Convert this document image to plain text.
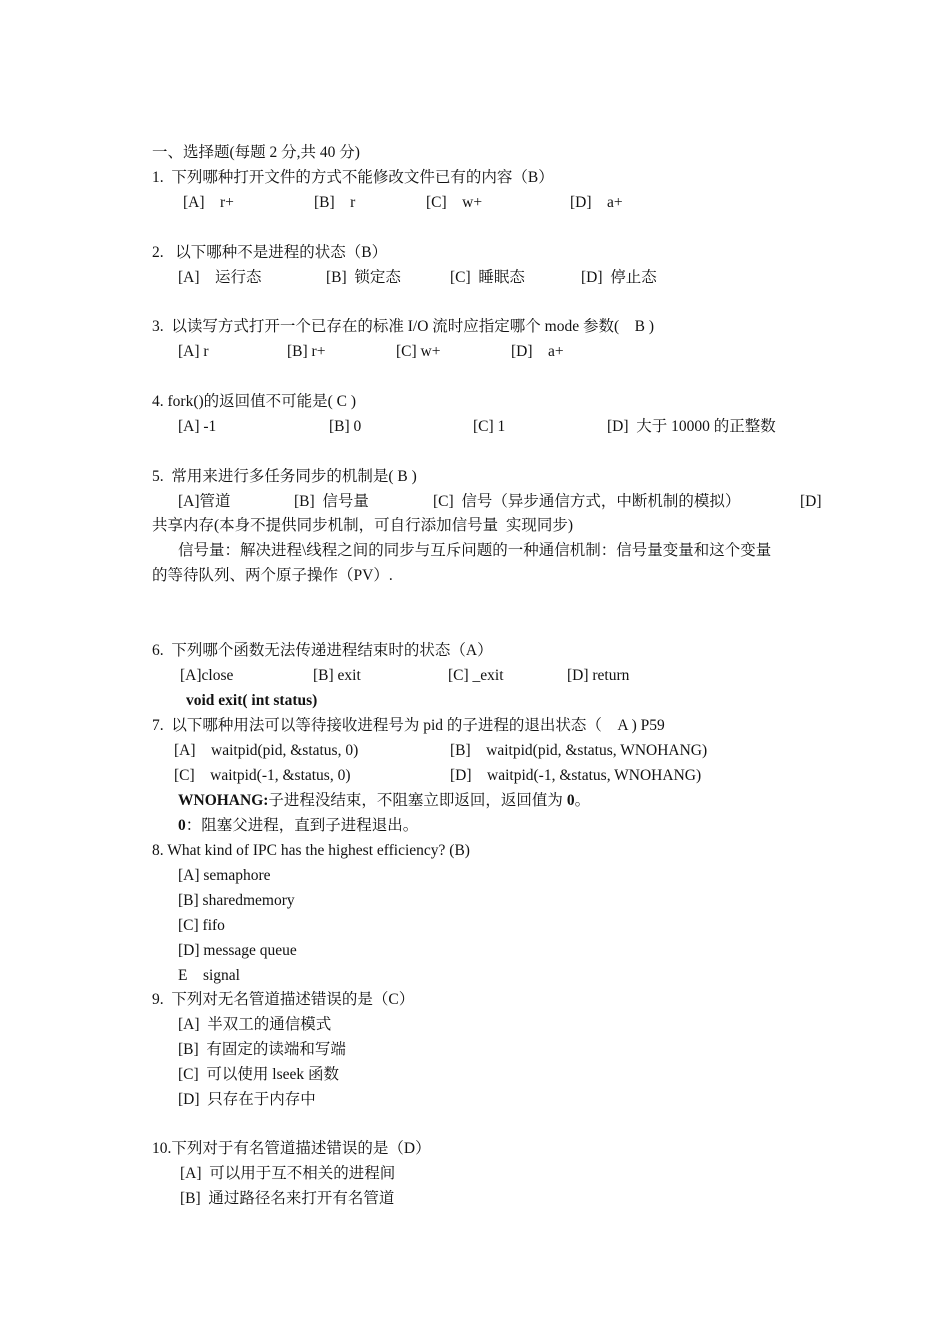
一、选择题(每题 2 分,共 40 分)
1.  下列哪种打开文件的方式不能修改文件已有的内容（B）
[A]    r+	[B]    r	[C]    w+	[D]    a+
2.   以下哪种不是进程的状态（B）
[A]    运行态	[B]  锁定态	[C]  睡眠态	[D]  停止态
3.  以读写方式打开一个已存在的标准 I/O 流时应指定哪个 mode 参数(    B )
[A] r	[B] r+	[C] w+	[D]    a+
4. fork()的返回值不可能是( C )
[A] -1	[B] 0	[C] 1	[D]  大于 10000 的正整数
5.  常用来进行多任务同步的机制是( B )
[A]管道	[B]  信号量	[C]  信号（异步通信方式，中断机制的模拟）	[D]
共享内存(本身不提供同步机制，可自行添加信号量  实现同步)
信号量：解决进程\线程之间的同步与互斥问题的一种通信机制：信号量变量和这个变量
的等待队列、两个原子操作（PV）.
6.  下列哪个函数无法传递进程结束时的状态（A）
[A]close	[B] exit	[C] _exit	[D] return
void exit( int status)
7.  以下哪种用法可以等待接收进程号为 pid 的子进程的退出状态（    A ) P59
[A]    waitpid(pid, &status, 0)	[B]    waitpid(pid, &status, WNOHANG)
[C]    waitpid(-1, &status, 0)	[D]    waitpid(-1, &status, WNOHANG)
WNOHANG:子进程没结束，不阻塞立即返回，返回值为 0。
0：阻塞父进程，直到子进程退出。
8. What kind of IPC has the highest efficiency? (B)
[A] semaphore
[B] sharedmemory
[C] fifo
[D] message queue
E    signal
9.  下列对无名管道描述错误的是（C）
[A]  半双工的通信模式
[B]  有固定的读端和写端
[C]  可以使用 lseek 函数
[D]  只存在于内存中
10.下列对于有名管道描述错误的是（D）
[A]  可以用于互不相关的进程间
[B]  通过路径名来打开有名管道
